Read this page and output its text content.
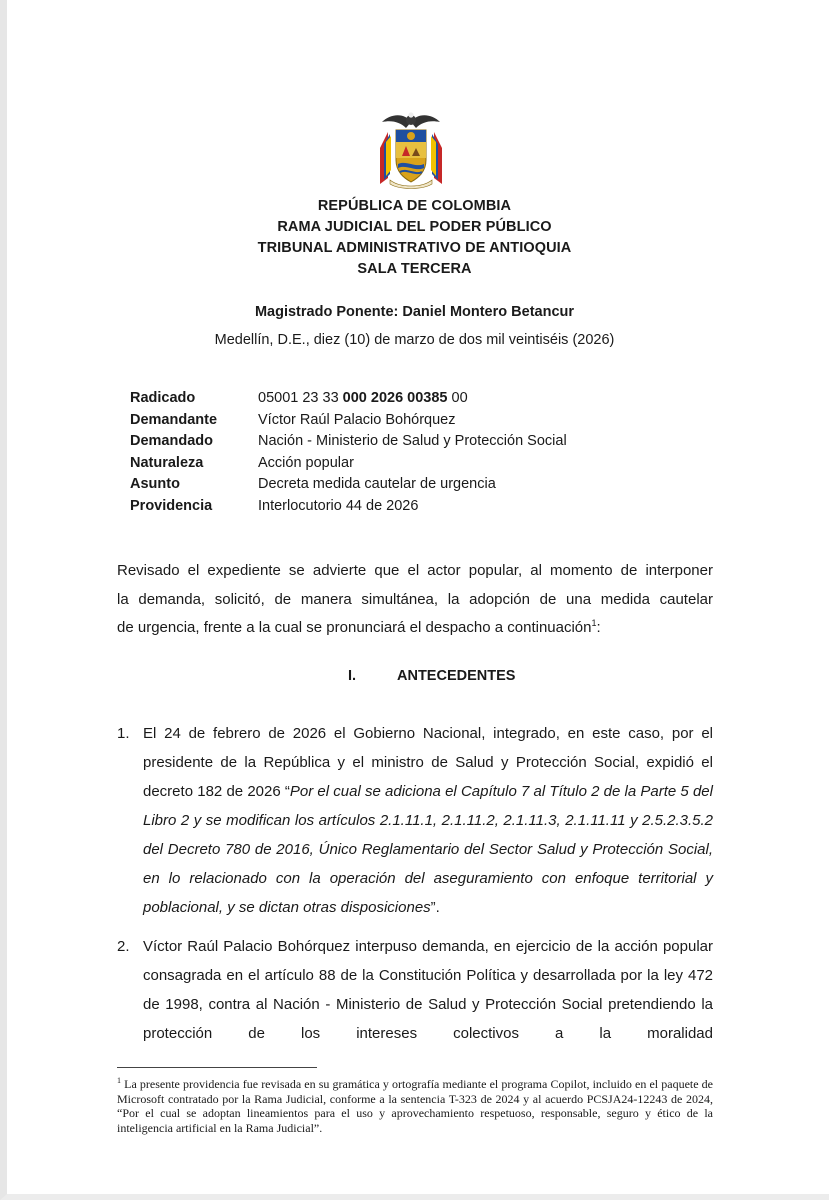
REPÚBLICA DE COLOMBIA
RAMA JUDICIAL DEL PODER PÚBLICO
TRIBUNAL ADMINISTRATIVO DE ANTIOQUIA
SALA TERCERA
Magistrado Ponente: Daniel Montero Betancur
Medellín, D.E., diez (10) de marzo de dos mil veintiséis (2026)
Radicado	05001 23 33 000 2026 00385 00
Demandante	Víctor Raúl Palacio Bohórquez
Demandado	Nación - Ministerio de Salud y Protección Social
Naturaleza	Acción popular
Asunto	Decreta medida cautelar de urgencia
Providencia	Interlocutorio 44 de 2026
Revisado el expediente se advierte que el actor popular, al momento de interponer
la demanda, solicitó, de manera simultánea, la adopción de una medida cautelar
de urgencia, frente a la cual se pronunciará el despacho a continuación$^1$:
I.	ANTECEDENTES
1. El 24 de febrero de 2026 el Gobierno Nacional, integrado, en este caso, por el presidente de la República y el ministro de Salud y Protección Social, expidió el decreto 182 de 2026 “Por el cual se adiciona el Capítulo 7 al Título 2 de la Parte 5 del Libro 2 y se modifican los artículos 2.1.11.1, 2.1.11.2, 2.1.11.3, 2.1.11.11 y 2.5.2.3.5.2 del Decreto 780 de 2016, Único Reglamentario del Sector Salud y Protección Social, en lo relacionado con la operación del aseguramiento con enfoque territorial y poblacional, y se dictan otras disposiciones”.
2. Víctor Raúl Palacio Bohórquez interpuso demanda, en ejercicio de la acción popular consagrada en el artículo 88 de la Constitución Política y desarrollada por la ley 472 de 1998, contra al Nación - Ministerio de Salud y Protección Social pretendiendo la protección de los intereses colectivos a la moralidad
$^1$ La presente providencia fue revisada en su gramática y ortografía mediante el programa Copilot, incluido en el paquete de Microsoft contratado por la Rama Judicial, conforme a la sentencia T-323 de 2024 y al acuerdo PCSJA24-12243 de 2024, “Por el cual se adoptan lineamientos para el uso y aprovechamiento respetuoso, responsable, seguro y ético de la inteligencia artificial en la Rama Judicial”.
